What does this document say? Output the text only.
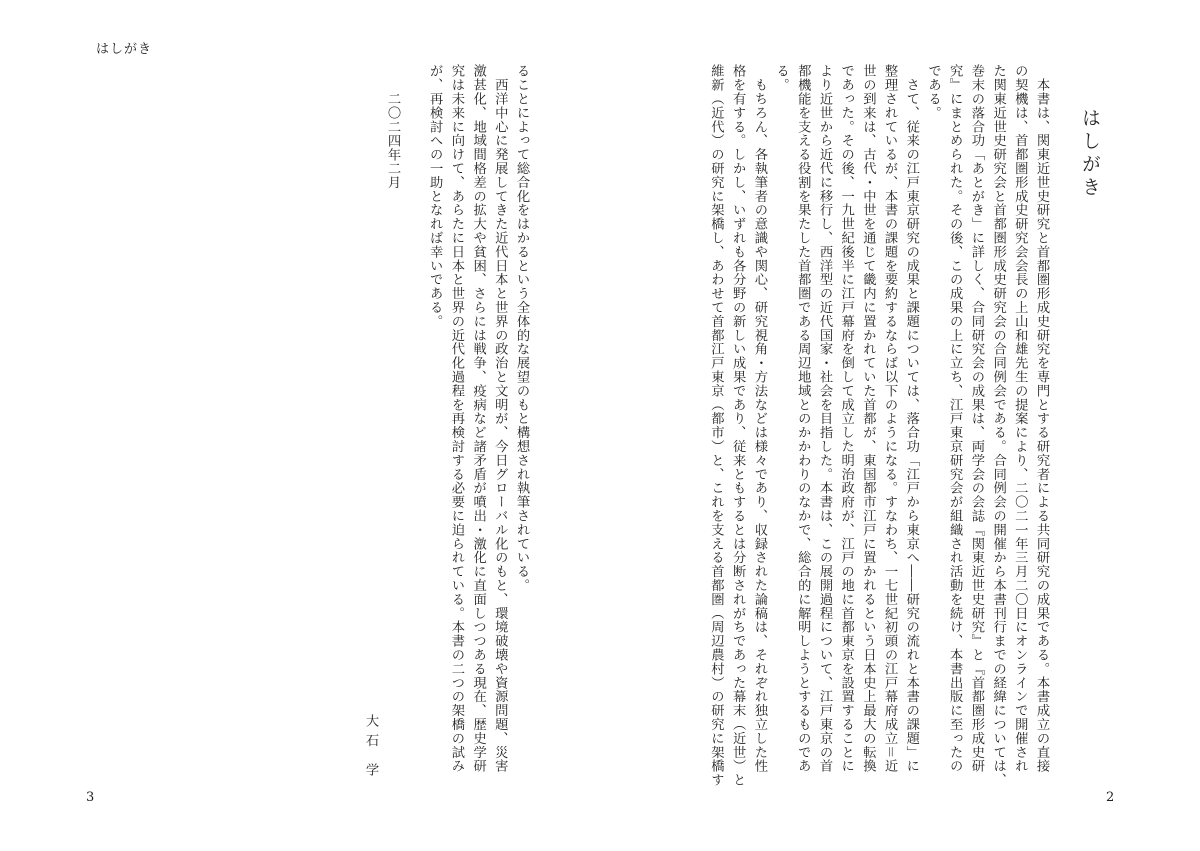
はしがき
はしがき
　本書は、関東近世史研究と首都圏形成史研究を専門とする研究者による共同研究の成果である。本書成立の直接
の契機は、首都圏形成史研究会会長の上山和雄先生の提案により、二〇二一年三月二〇日にオンラインで開催され
た関東近世史研究会と首都圏形成史研究会の合同例会である。合同例会の開催から本書刊行までの経緯については、
巻末の落合功「あとがき」に詳しく、合同研究会の成果は、両学会の会誌『関東近世史研究』と『首都圏形成史研
究』にまとめられた。その後、この成果の上に立ち、江戸東京研究会が組織され活動を続け、本書出版に至ったの
である。
　さて、従来の江戸東京研究の成果と課題については、落合功「江戸から東京へ――研究の流れと本書の課題」に
整理されているが、本書の課題を要約するならば以下のようになる。すなわち、一七世紀初頭の江戸幕府成立＝近
世の到来は、古代・中世を通じて畿内に置かれていた首都が、東国都市江戸に置かれるという日本史上最大の転換
であった。その後、一九世紀後半に江戸幕府を倒して成立した明治政府が、江戸の地に首都東京を設置することに
より近世から近代に移行し、西洋型の近代国家・社会を目指した。本書は、この展開過程について、江戸東京の首
都機能を支える役割を果たした首都圏である周辺地域とのかかわりのなかで、総合的に解明しようとするものであ
る。
　もちろん、各執筆者の意識や関心、研究視角・方法などは様々であり、収録された論稿は、それぞれ独立した性
格を有する。しかし、いずれも各分野の新しい成果であり、従来ともするとは分断されがちであった幕末（近世）と
維新（近代）の研究に架橋し、あわせて首都江戸東京（都市）と、これを支える首都圏（周辺農村）の研究に架橋す
ることによって総合化をはかるという全体的な展望のもと構想され執筆されている。
　西洋中心に発展してきた近代日本と世界の政治と文明が、今日グローバル化のもと、環境破壊や資源問題、災害
激甚化、地域間格差の拡大や貧困、さらには戦争、疫病など諸矛盾が噴出・激化に直面しつつある現在、歴史学研
究は未来に向けて、あらたに日本と世界の近代化過程を再検討する必要に迫られている。本書の二つの架橋の試み
が、再検討への一助となれば幸いである。
二〇二四年二月
大石 学
3	2
